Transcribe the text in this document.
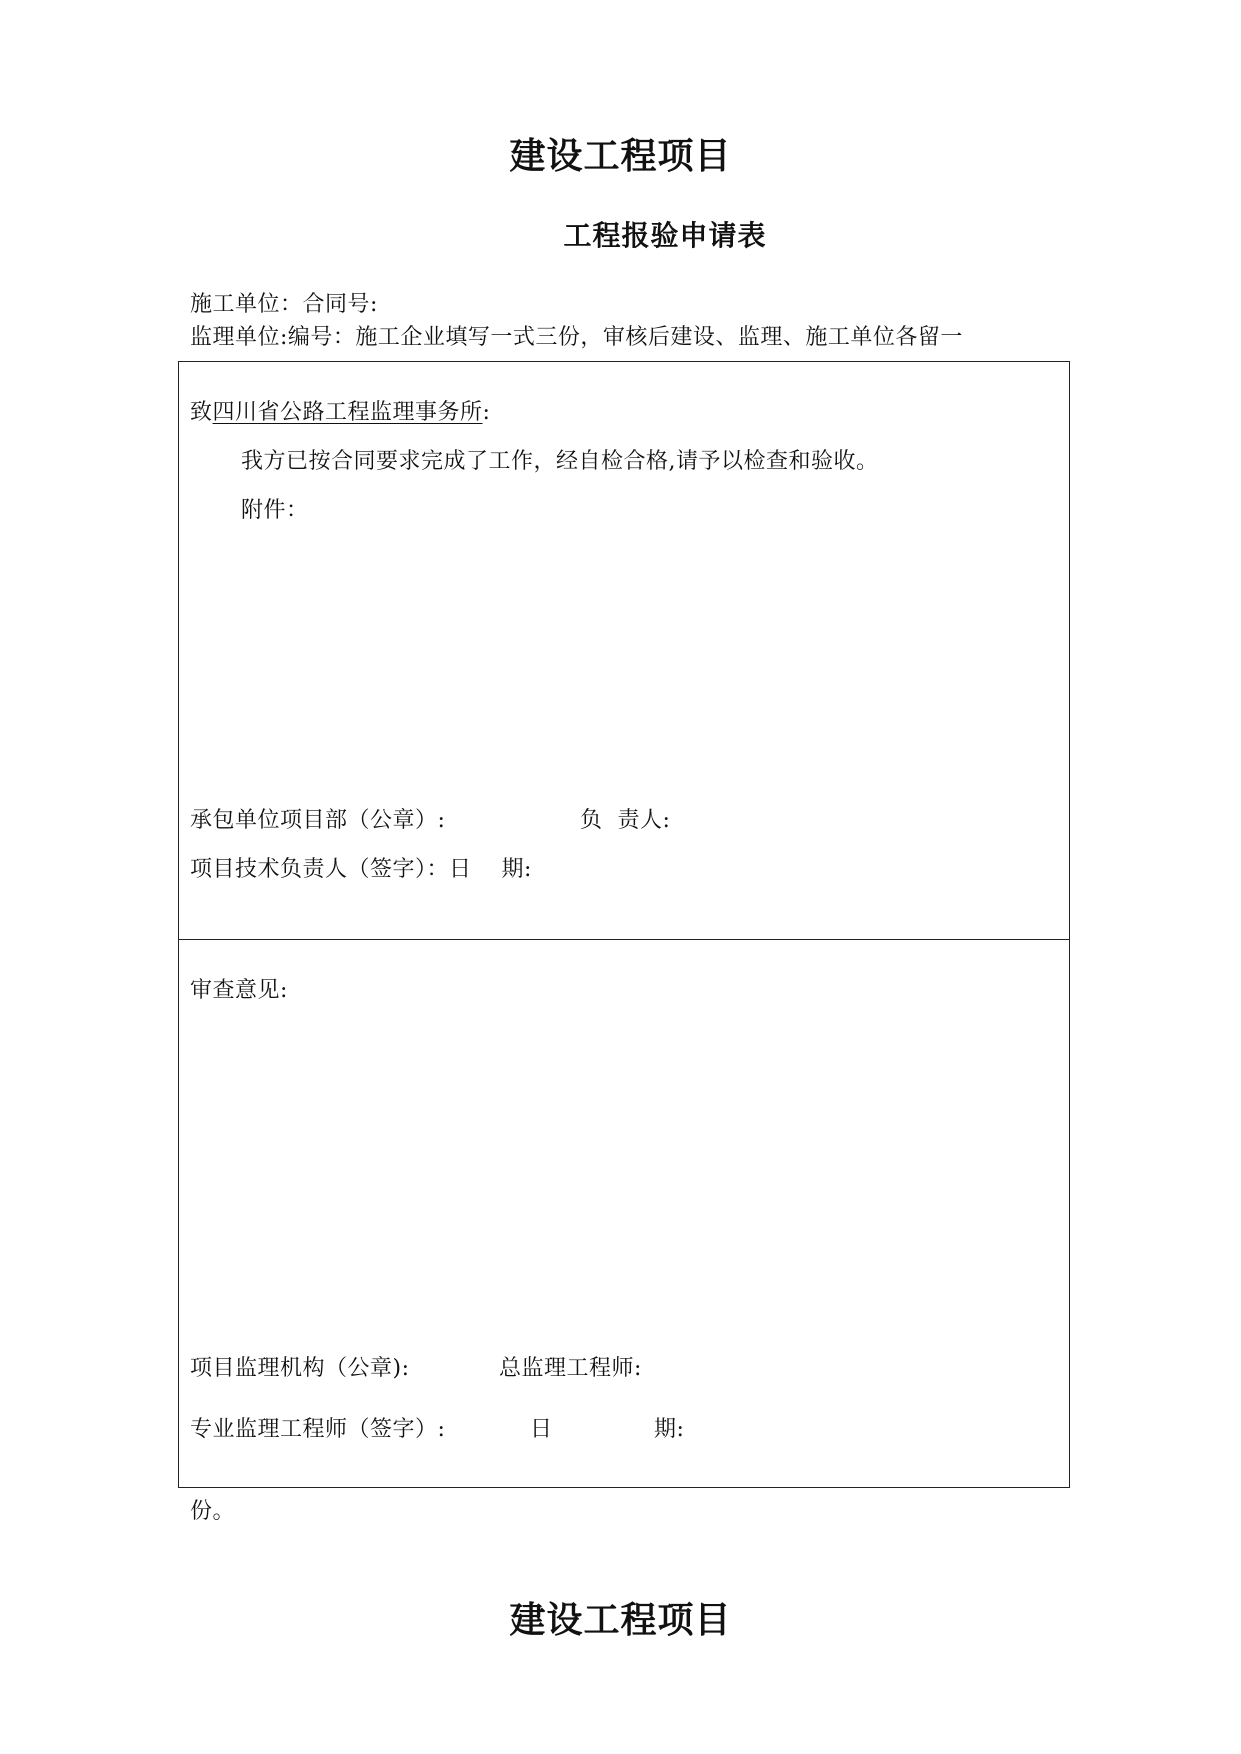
建设工程项目
工程报验申请表
施工单位：合同号:
监理单位:编号：施工企业填写一式三份，审核后建设、监理、施工单位各留一
致四川省公路工程监理事务所:
我方已按合同要求完成了工作，经自检合格,请予以检查和验收。
附件：
承包单位项目部（公章）:	负  责人:
项目技术负责人（签字）：日    期:
审查意见:
项目监理机构（公章):	总监理工程师:
专业监理工程师（签字）:	日	期:
份。
建设工程项目
